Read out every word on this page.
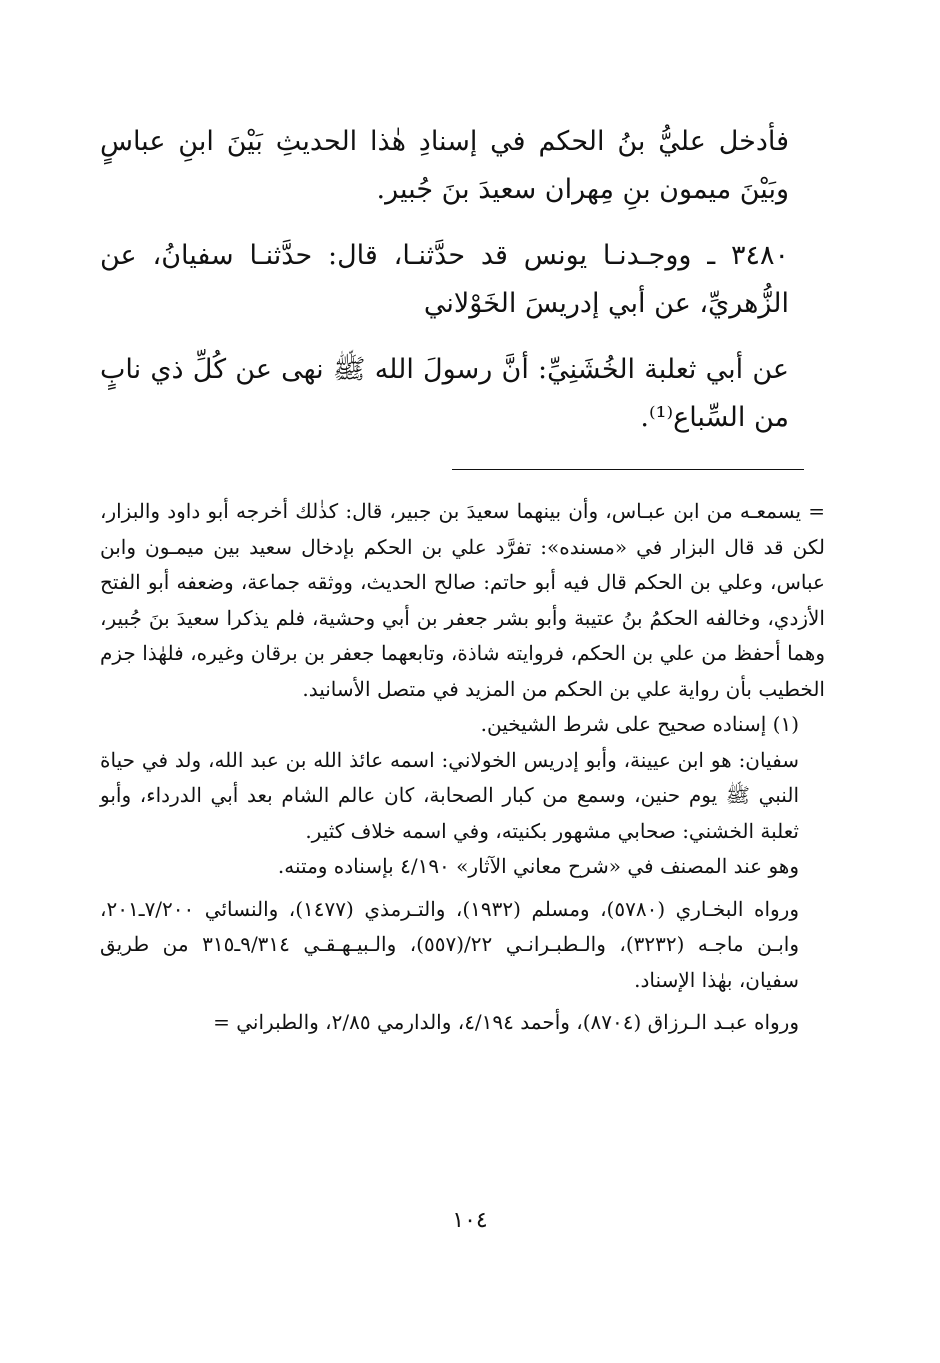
فأدخل عليُّ بنُ الحكم في إسنادِ هٰذا الحديثِ بَيْنَ ابنِ عباسٍ وبَيْنَ ميمون بنِ مِهران سعيدَ بنَ جُبير.

٣٤٨٠ ـ ووجـدنـا يونس قد حدَّثنـا، قال: حدَّثنـا سفيانُ، عن الزُّهريِّ، عن أبي إدريسَ الخَوْلاني

عن أبي ثعلبة الخُشَنِيِّ: أنَّ رسولَ الله ﷺ نهى عن كُلِّ ذي نابٍ من السِّباع⁽¹⁾.

= يسمعـه من ابن عبـاس، وأن بينهما سعيدَ بن جبير، قال: كذٰلك أخرجه أبو داود والبزار، لكن قد قال البزار في «مسنده»: تفرَّد علي بن الحكم بإدخال سعيد بين ميمـون وابن عباس، وعلي بن الحكم قال فيه أبو حاتم: صالح الحديث، ووثقه جماعة، وضعفه أبو الفتح الأزدي، وخالفه الحكمُ بنُ عتيبة وأبو بشر جعفر بن أبي وحشية، فلم يذكرا سعيدَ بنَ جُبير، وهما أحفظ من علي بن الحكم، فروايته شاذة، وتابعهما جعفر بن برقان وغيره، فلهٰذا جزم الخطيب بأن رواية علي بن الحكم من المزيد في متصل الأسانيد.

(١) إسناده صحيح على شرط الشيخين.

سفيان: هو ابن عيينة، وأبو إدريس الخولاني: اسمه عائذ الله بن عبد الله، ولد في حياة النبي ﷺ يوم حنين، وسمع من كبار الصحابة، كان عالم الشام بعد أبي الدرداء، وأبو ثعلبة الخشني: صحابي مشهور بكنيته، وفي اسمه خلاف كثير.

وهو عند المصنف في «شرح معاني الآثار» ٤/١٩٠ بإسناده ومتنه.

ورواه البخـاري (٥٧٨٠)، ومسلم (١٩٣٢)، والتـرمذي (١٤٧٧)، والنسائي ٧/٢٠٠ـ٢٠١، وابـن ماجـه (٣٢٣٢)، والـطبـرانـي ٢٢/(٥٥٧)، والـبيـهـقـي ٩/٣١٤ـ٣١٥ من طريق سفيان، بهٰذا الإسناد.

ورواه عبـد الـرزاق (٨٧٠٤)، وأحمد ٤/١٩٤، والدارمي ٢/٨٥، والطبراني =

١٠٤
